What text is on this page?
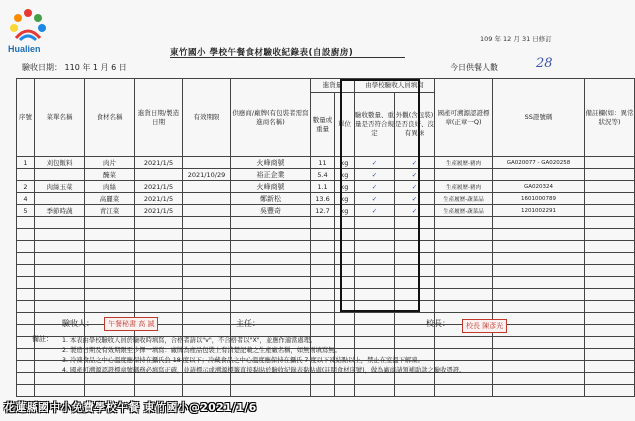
Hualien
109 年 12 月 31 日修訂
東竹國小 學校午餐食材驗收紀錄表(自設廚房)
驗收日期： 110 年 1 月 6 日	今日供餐人數	28
序號	菜單名稱	食材名稱	進貨日期/製造日期	有效期限	供應商/廠牌(有包裝者需寫進商名稱)	進貨量		由學校驗收人員填寫		國產可溯源認證標章(正章一Q)	SS證號碼	備註欄(如：異常狀況等)
						數量或重量	單位	驗收數量、重量是否符合規定	外觀(含包裝)是否良好、沒有異味			
1	刈包飯料	肉片	2021/1/5		火峰商號	11	kg	✓	✓	生產履歷-豬肉	GA020077 - GA020258	
		醃菜		2021/10/29	裕正企業	5.4	kg	✓	✓			
2	肉絲玉菜	肉絲	2021/1/5		火峰商號	1.1	kg	✓	✓	生產履歷-豬肉	GA020324	
4		高麗菜	2021/1/5		鄭新松	13.6	kg	✓	✓	生產履歷-蔬菜品	1601000789	
5	季節時蔬	青江菜	2021/1/5		吳豐奇	12.7	kg	✓	✓	生產履歷-蔬菜品	1201002291	

驗收人：	午餐秘書 高 誠	主任：	校長：	校長 陳彥光
備註： 1. 本表由學校驗收人員於驗收時填寫，合格者請以"v"，不合格者以"X"，並應作適當處理。
2. 製造日期及有效期限至少擇一填寫：廠牌為產品包裝上有清楚記載之生產廠名稱，如無則填寫無。
3. 冷凍食品之中心溫度應保持在攝氏負 18 度以下；冷藏食品之中心溫度應保持在攝氏 7 度以下凍結點以上，禁止在室溫下解凍。
4. 國產可溯源認證標章號碼務必填寫正確，並請標示或溯源標籤直接黏貼於驗收紀錄表黏貼處(註明食材序號)，做為廠商請領補助款之驗收憑證。
花蓮縣國中小免費學校午餐 東竹國小@2021/1/6
